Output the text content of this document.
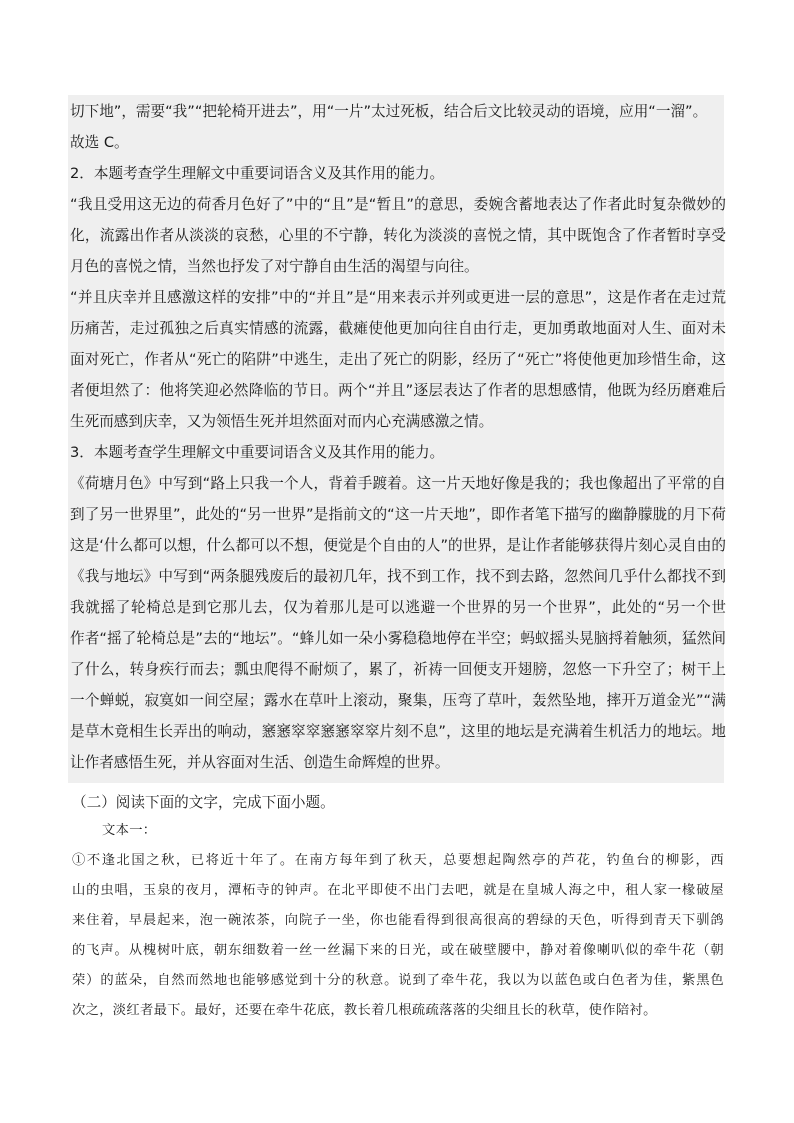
切下地”，需要“我”“把轮椅开进去”，用“一片”太过死板，结合后文比较灵动的语境，应用“一溜”。
故选 C。
2．本题考查学生理解文中重要词语含义及其作用的能力。
“我且受用这无边的荷香月色好了”中的“且”是“暂且”的意思，委婉含蓄地表达了作者此时复杂微妙的
化，流露出作者从淡淡的哀愁，心里的不宁静，转化为淡淡的喜悦之情，其中既饱含了作者暂时享受
月色的喜悦之情，当然也抒发了对宁静自由生活的渴望与向往。
“并且庆幸并且感激这样的安排”中的“并且”是“用来表示并列或更进一层的意思”，这是作者在走过荒
历痛苦，走过孤独之后真实情感的流露，截瘫使他更加向往自由行走，更加勇敢地面对人生、面对未
面对死亡，作者从“死亡的陷阱”中逃生，走出了死亡的阴影，经历了“死亡”将使他更加珍惜生命，这
者便坦然了：他将笑迎必然降临的节日。两个“并且”逐层表达了作者的思想感情，他既为经历磨难后
生死而感到庆幸，又为领悟生死并坦然面对而内心充满感激之情。
3．本题考查学生理解文中重要词语含义及其作用的能力。
《荷塘月色》中写到“路上只我一个人，背着手踱着。这一片天地好像是我的；我也像超出了平常的自
到了另一世界里”，此处的“另一世界”是指前文的“这一片天地”，即作者笔下描写的幽静朦胧的月下荷
这是‘什么都可以想，什么都可以不想，便觉是个自由的人”的世界，是让作者能够获得片刻心灵自由的
《我与地坛》中写到“两条腿残废后的最初几年，找不到工作，找不到去路，忽然间几乎什么都找不到
我就摇了轮椅总是到它那儿去，仅为着那儿是可以逃避一个世界的另一个世界”，此处的“另一个世
作者“摇了轮椅总是”去的“地坛”。“蜂儿如一朵小雾稳稳地停在半空；蚂蚁摇头晃脑捋着触须，猛然间
了什么，转身疾行而去；瓢虫爬得不耐烦了，累了，祈祷一回便支开翅膀，忽悠一下升空了；树干上
一个蝉蜕，寂寞如一间空屋；露水在草叶上滚动，聚集，压弯了草叶，轰然坠地，摔开万道金光”“满
是草木竟相生长弄出的响动，窸窸窣窣窸窸窣窣片刻不息”，这里的地坛是充满着生机活力的地坛。地
让作者感悟生死，并从容面对生活、创造生命辉煌的世界。
（二）阅读下面的文字，完成下面小题。
文本一：
①不逢北国之秋，已将近十年了。在南方每年到了秋天，总要想起陶然亭的芦花，钓鱼台的柳影，西
山的虫唱，玉泉的夜月，潭柘寺的钟声。在北平即使不出门去吧，就是在皇城人海之中，租人家一椽破屋
来住着，早晨起来，泡一碗浓茶，向院子一坐，你也能看得到很高很高的碧绿的天色，听得到青天下驯鸽
的飞声。从槐树叶底，朝东细数着一丝一丝漏下来的日光，或在破壁腰中，静对着像喇叭似的牵牛花（朝
荣）的蓝朵，自然而然地也能够感觉到十分的秋意。说到了牵牛花，我以为以蓝色或白色者为佳，紫黑色
次之，淡红者最下。最好，还要在牵牛花底，教长着几根疏疏落落的尖细且长的秋草，使作陪衬。
